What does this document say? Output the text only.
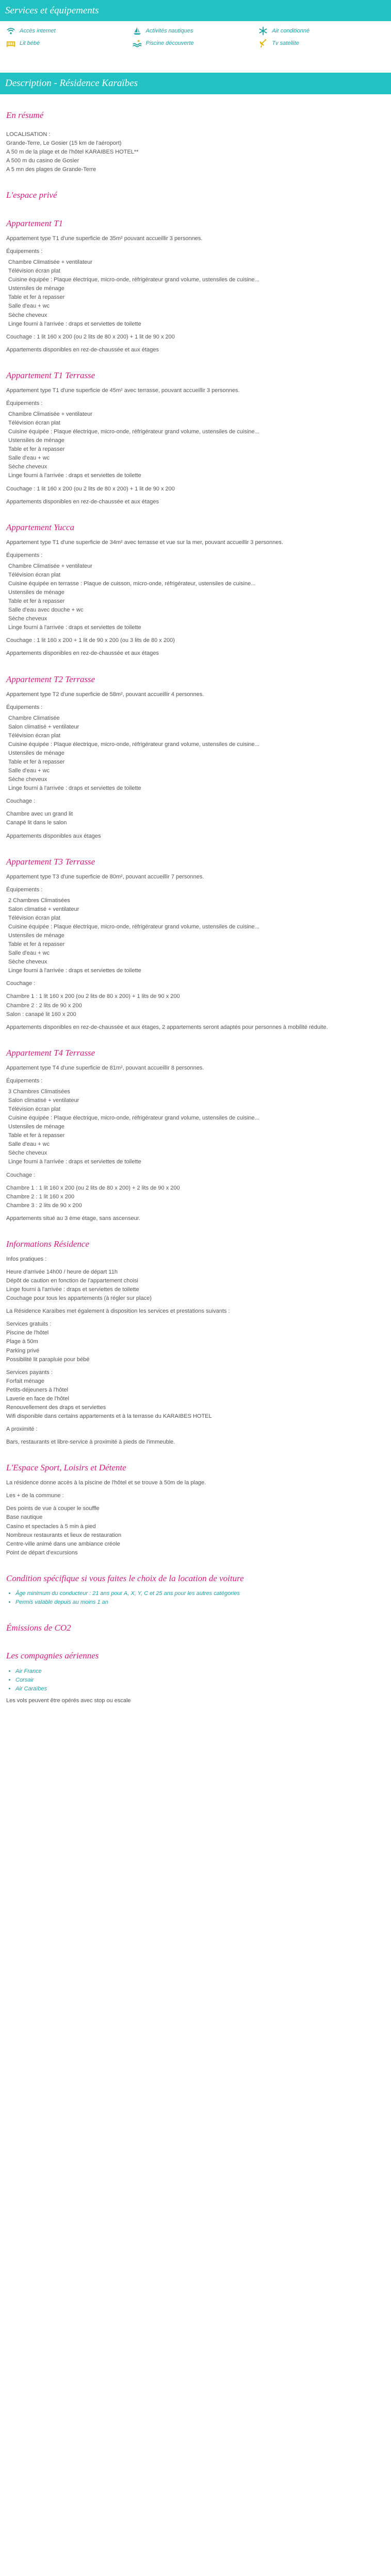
Services et équipements
Accès internet	Activités nautiques	Air conditionné
Lit bébé	Piscine découverte	Tv satellite
Description - Résidence Karaïbes

En résumé

LOCALISATION :

Grande-Terre, Le Gosier (15 km de l'aéroport)

A 50 m de la plage et de l'hôtel KARAIBES HOTEL**

A 500 m du casino de Gosier

A 5 mn des plages de Grande-Terre

L'espace privé

Appartement T1

Appartement type T1 d'une superficie de 35m² pouvant accueillir 3 personnes.

Équipements :

Chambre Climatisée + ventilateur

Télévision écran plat

Cuisine équipée : Plaque électrique, micro-onde, réfrigérateur grand volume, ustensiles de cuisine...

Ustensiles de ménage

Table et fer à repasser

Salle d'eau + wc

Sèche cheveux

Linge fourni à l'arrivée : draps et serviettes de toilette

Couchage : 1 lit 160 x 200 (ou 2 lits de 80 x 200) + 1 lit de 90 x 200

Appartements disponibles en rez-de-chaussée et aux étages

Appartement T1 Terrasse

Appartement type T1 d'une superficie de 45m² avec terrasse, pouvant accueillir 3 personnes.

Équipements :

Chambre Climatisée + ventilateur

Télévision écran plat

Cuisine équipée : Plaque électrique, micro-onde, réfrigérateur grand volume, ustensiles de cuisine...

Ustensiles de ménage

Table et fer à repasser

Salle d'eau + wc

Sèche cheveux

Linge fourni à l'arrivée : draps et serviettes de toilette

Couchage : 1 lit 160 x 200 (ou 2 lits de 80 x 200) + 1 lit de 90 x 200

Appartements disponibles en rez-de-chaussée et aux étages

Appartement Yucca

Appartement type T1 d'une superficie de 34m² avec terrasse et vue sur la mer, pouvant accueillir 3 personnes.

Équipements :

Chambre Climatisée + ventilateur

Télévision écran plat

Cuisine équipée en terrasse : Plaque de cuisson, micro-onde, réfrigérateur, ustensiles de cuisine...

Ustensiles de ménage

Table et fer à repasser

Salle d'eau avec douche + wc

Sèche cheveux

Linge fourni à l'arrivée : draps et serviettes de toilette

Couchage : 1 lit 160 x 200 + 1 lit de 90 x 200 (ou 3 lits de 80 x 200)

Appartements disponibles en rez-de-chaussée et aux étages

Appartement T2 Terrasse

Appartement type T2 d'une superficie de 58m², pouvant accueillir 4 personnes.

Équipements :

Chambre Climatisée

Salon climatisé + ventilateur

Télévision écran plat

Cuisine équipée : Plaque électrique, micro-onde, réfrigérateur grand volume, ustensiles de cuisine...

Ustensiles de ménage

Table et fer à repasser

Salle d'eau + wc

Sèche cheveux

Linge fourni à l'arrivée : draps et serviettes de toilette

Couchage :

Chambre avec un grand lit

Canapé lit dans le salon

Appartements disponibles aux étages

Appartement T3 Terrasse

Appartement type T3 d'une superficie de 80m², pouvant accueillir 7 personnes.

Équipements :

2 Chambres Climatisées

Salon climatisé + ventilateur

Télévision écran plat

Cuisine équipée : Plaque électrique, micro-onde, réfrigérateur grand volume, ustensiles de cuisine...

Ustensiles de ménage

Table et fer à repasser

Salle d'eau + wc

Sèche cheveux

Linge fourni à l'arrivée : draps et serviettes de toilette

Couchage :

Chambre 1 : 1 lit 160 x 200 (ou 2 lits de 80 x 200) + 1 lits de 90 x 200

Chambre 2 : 2 lits de 90 x 200

Salon : canapé lit 160 x 200

Appartements disponibles en rez-de-chaussée et aux étages, 2 appartements seront adaptés pour personnes à mobilité réduite.

Appartement T4 Terrasse

Appartement type T4 d'une superficie de 81m², pouvant accueillir 8 personnes.

Équipements :

3 Chambres Climatisées

Salon climatisé + ventilateur

Télévision écran plat

Cuisine équipée : Plaque électrique, micro-onde, réfrigérateur grand volume, ustensiles de cuisine...

Ustensiles de ménage

Table et fer à repasser

Salle d'eau + wc

Sèche cheveux

Linge fourni à l'arrivée : draps et serviettes de toilette

Couchage :

Chambre 1 : 1 lit 160 x 200 (ou 2 lits de 80 x 200) + 2 lits de 90 x 200

Chambre 2 : 1 lit 160 x 200

Chambre 3 : 2 lits de 90 x 200

Appartements situé au 3 ème étage, sans ascenseur.

Informations Résidence

Infos pratiques :

Heure d'arrivée 14h00 / heure de départ 11h

Dépôt de caution en fonction de l'appartement choisi

Linge fourni à l'arrivée : draps et serviettes de toilette

Couchage pour tous les appartements (à régler sur place)

La Résidence Karaïbes met également à disposition les services et prestations suivants :

Services gratuits :

Piscine de l'hôtel

Plage à 50m

Parking privé

Possibilité lit parapluie pour bébé

Services payants :

Forfait ménage

Petits-déjeuners à l'hôtel

Laverie en face de l'hôtel

Renouvellement des draps et serviettes

Wifi disponible dans certains appartements et à la terrasse du KARAIBES HOTEL

A proximité :

Bars, restaurants et libre-service à proximité à pieds de l'immeuble.

L'Espace Sport, Loisirs et Détente

La résidence donne accès à la piscine de l'hôtel et se trouve à 50m de la plage.

Les + de la commune :

Des points de vue à couper le souffle

Base nautique

Casino et spectacles à 5 min à pied

Nombreux restaurants et lieux de restauration

Centre-ville animé dans une ambiance créole

Point de départ d'excursions

Condition spécifique si vous faites le choix de la location de voiture
• Âge minimum du conducteur : 21 ans pour A, X, Y, C et 25 ans pour les autres catégories
• Permis valable depuis au moins 1 an
Émissions de CO2

Les compagnies aériennes
• Air France
• Corsair
• Air Caraïbes

Les vols peuvent être opérés avec stop ou escale
